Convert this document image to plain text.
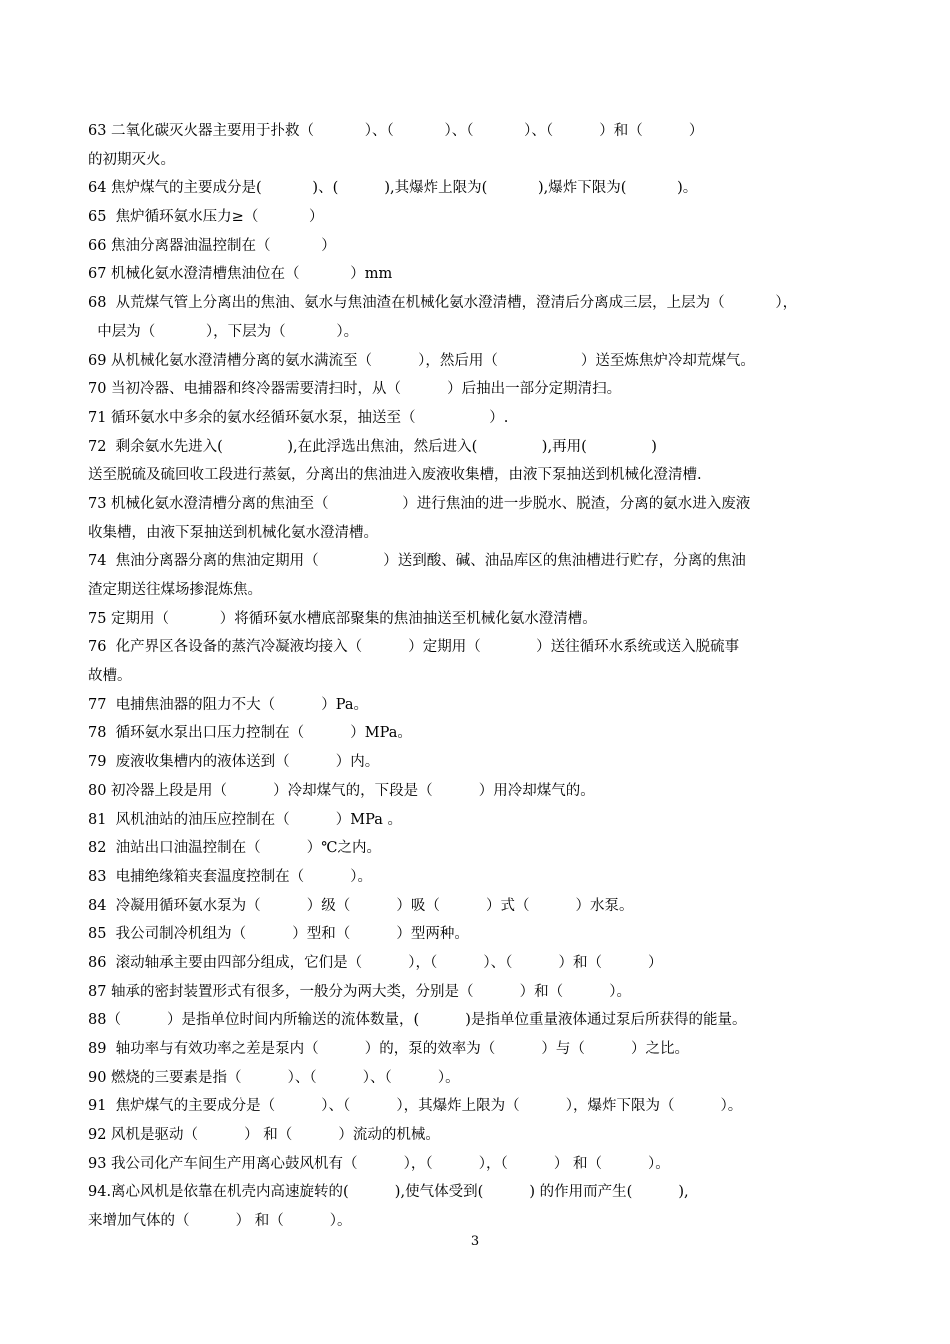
63 二氧化碳灭火器主要用于扑救（           ）、（           ）、（           ）、（          ）和（          ）
的初期灭火。
64 焦炉煤气的主要成分是(           )、(          ),其爆炸上限为(           ),爆炸下限为(           )。
65  焦炉循环氨水压力≥（           ）
66 焦油分离器油温控制在（           ）
67 机械化氨水澄清槽焦油位在（           ）mm
68  从荒煤气管上分离出的焦油、氨水与焦油渣在机械化氨水澄清槽，澄清后分离成三层，上层为（           ），
中层为（           ），下层为（           ）。
69 从机械化氨水澄清槽分离的氨水满流至（          ），然后用（                  ）送至炼焦炉冷却荒煤气。
70 当初冷器、电捕器和终冷器需要清扫时，从（          ）后抽出一部分定期清扫。
71 循环氨水中多余的氨水经循环氨水泵，抽送至（                ）.
72  剩余氨水先进入(              ),在此浮选出焦油，然后进入(              ),再用(              )
送至脱硫及硫回收工段进行蒸氨，分离出的焦油进入废液收集槽，由液下泵抽送到机械化澄清槽.
73 机械化氨水澄清槽分离的焦油至（                ）进行焦油的进一步脱水、脱渣，分离的氨水进入废液
收集槽，由液下泵抽送到机械化氨水澄清槽。
74  焦油分离器分离的焦油定期用（              ）送到酸、碱、油品库区的焦油槽进行贮存，分离的焦油
渣定期送往煤场掺混炼焦。
75 定期用（           ）将循环氨水槽底部聚集的焦油抽送至机械化氨水澄清槽。
76  化产界区各设备的蒸汽冷凝液均接入（          ）定期用（            ）送往循环水系统或送入脱硫事
故槽。
77  电捕焦油器的阻力不大（          ）Pa。
78  循环氨水泵出口压力控制在（          ）MPa。
79  废液收集槽内的液体送到（          ）内。
80 初冷器上段是用（          ）冷却煤气的，下段是（          ）用冷却煤气的。
81  风机油站的油压应控制在（          ）MPa 。
82  油站出口油温控制在（          ）℃之内。
83  电捕绝缘箱夹套温度控制在（          ）。
84  冷凝用循环氨水泵为（          ）级（          ）吸（          ）式（          ）水泵。
85  我公司制冷机组为（          ）型和（          ）型两种。
86  滚动轴承主要由四部分组成，它们是（          ），（          ）、（          ）和（          ）
87 轴承的密封装置形式有很多，一般分为两大类，分别是（          ）和（          ）。
88（          ）是指单位时间内所输送的流体数量，(          )是指单位重量液体通过泵后所获得的能量。
89  轴功率与有效功率之差是泵内（          ）的，泵的效率为（          ）与（          ）之比。
90 燃烧的三要素是指（          ）、（          ）、（          ）。
91  焦炉煤气的主要成分是（          ）、（          ），其爆炸上限为（          ），爆炸下限为（          ）。
92 风机是驱动（          ） 和（          ）流动的机械。
93 我公司化产车间生产用离心鼓风机有（          ），（          ），（          ） 和（          ）。
94.离心风机是依靠在机壳内高速旋转的(          ),使气体受到(          ) 的作用而产生(          ),
来增加气体的（          ） 和（          ）。
3
